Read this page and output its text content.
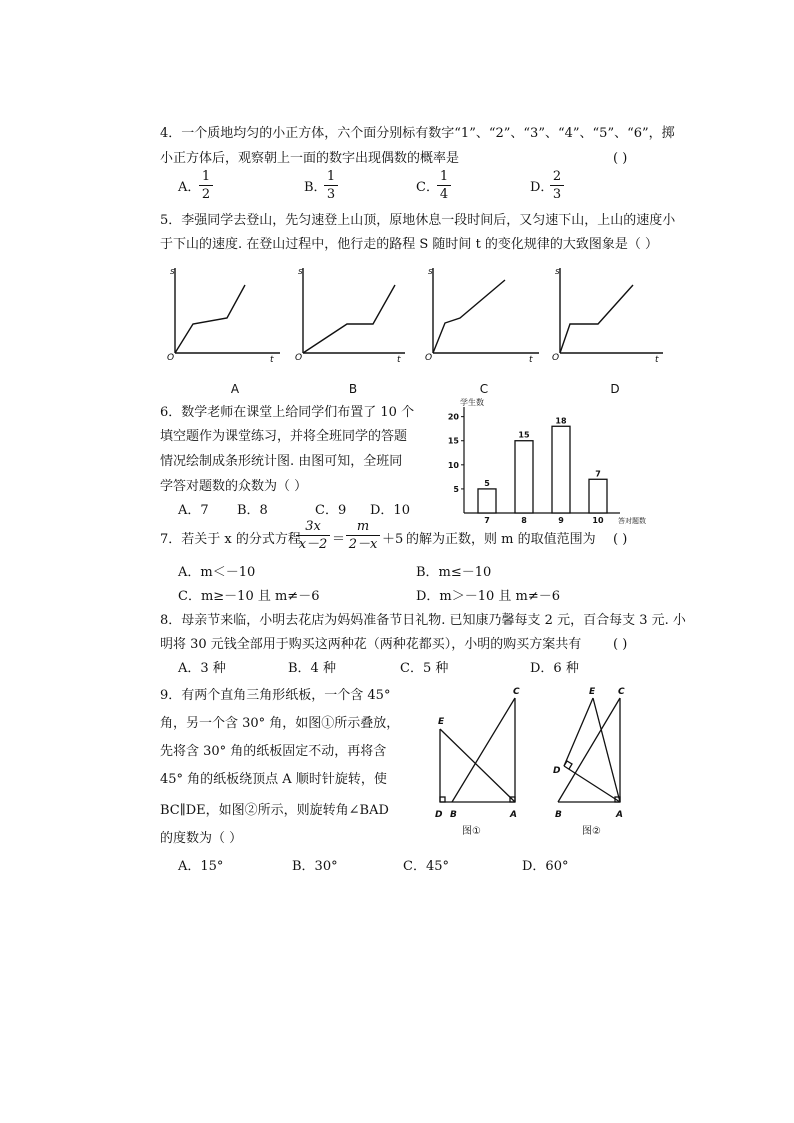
4．一个质地均匀的小正方体，六个面分别标有数字“1”、“2”、“3”、“4”、“5”、“6”，掷
小正方体后，观察朝上一面的数字出现偶数的概率是	( )
A．
1
2	B．
1
3	C．
1
4	D．
2
3
5．李强同学去登山，先匀速登上山顶，原地休息一段时间后，又匀速下山，上山的速度小
于下山的速度. 在登山过程中，他行走的路程 S 随时间 t 的变化规律的大致图象是（ ）
s
O	t
s
O	t
s
O	t
s
O	t
A	B	C	D
6．数学老师在课堂上给同学们布置了 10 个
填空题作为课堂练习，并将全班同学的答题
情况绘制成条形统计图. 由图可知，全班同
学答对题数的众数为（ ）
A．7 B．8	C．9 D．10
学生数
答对题数
5
10
15
20
5
7
15
8
18
9
7
10
7．若关于 x 的分式方程
3x
x－2 ＝
m
2－x ＋5 的解为正数，则 m 的取值范围为 ( )
A．m＜－10	B．m≤－10
C．m≥－10 且 m≠－6	D．m＞－10 且 m≠－6
8．母亲节来临，小明去花店为妈妈准备节日礼物. 已知康乃馨每支 2 元，百合每支 3 元. 小
明将 30 元钱全部用于购买这两种花（两种花都买），小明的购买方案共有 ( )
A．3 种	B．4 种	C．5 种	D．6 种
9．有两个直角三角形纸板，一个含 45°
角，另一个含 30° 角，如图①所示叠放，
先将含 30° 角的纸板固定不动，再将含
45° 角的纸板绕顶点 A 顺时针旋转，使
BC∥DE，如图②所示，则旋转角∠BAD
的度数为（ ）
A．15°	B．30°	C．45°	D．60°
E
C
D B	A
图①
E	C
D
B	A
图②
